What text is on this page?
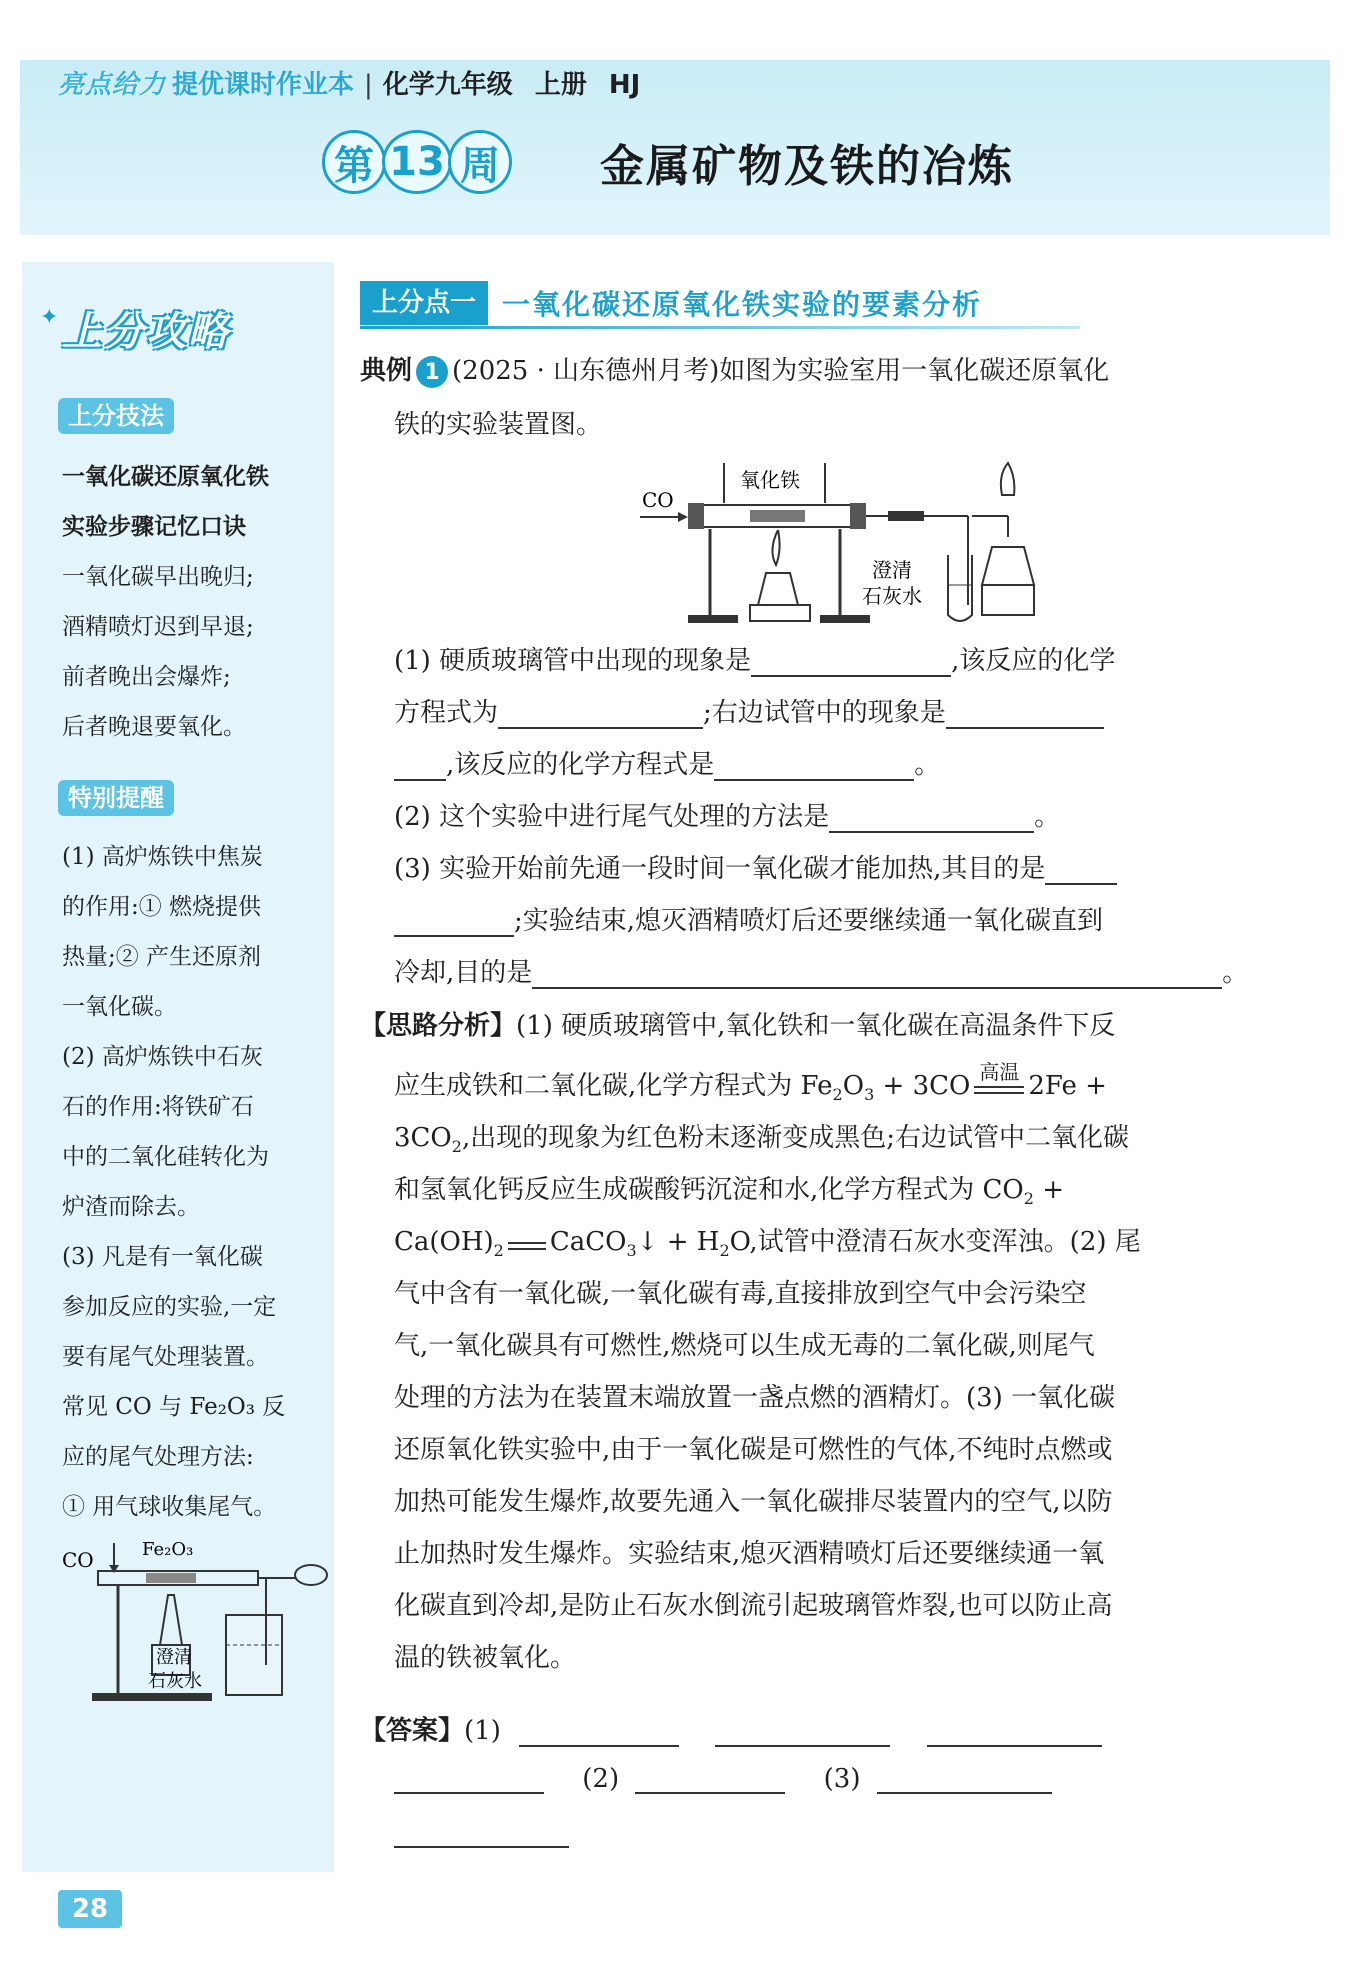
亮点给力 提优课时作业本 | 化学九年级 上册 HJ
第 13 周 金属矿物及铁的冶炼
✦ 上分攻略
上分技法

一氧化碳还原氧化铁

实验步骤记忆口诀

一氧化碳早出晚归;

酒精喷灯迟到早退;

前者晚出会爆炸;

后者晚退要氧化。

特别提醒

(1) 高炉炼铁中焦炭

的作用:① 燃烧提供

热量;② 产生还原剂

一氧化碳。

(2) 高炉炼铁中石灰

石的作用:将铁矿石

中的二氧化硅转化为

炉渣而除去。

(3) 凡是有一氧化碳

参加反应的实验,一定

要有尾气处理装置。

常见 CO 与 Fe₂O₃ 反

应的尾气处理方法:

① 用气球收集尾气。

CO	Fe₂O₃
澄清
石灰水
28
上分点一 一氧化碳还原氧化铁实验的要素分析
典例 1 (2025 · 山东德州月考)如图为实验室用一氧化碳还原氧化
铁的实验装置图。
CO
氧化铁
澄清
石灰水
(1) 硬质玻璃管中出现的现象是	,该反应的化学
方程式为	;右边试管中的现象是
,该反应的化学方程式是	。
(2) 这个实验中进行尾气处理的方法是	。
(3) 实验开始前先通一段时间一氧化碳才能加热,其目的是
;实验结束,熄灭酒精喷灯后还要继续通一氧化碳直到
冷却,目的是	。
【思路分析】(1) 硬质玻璃管中,氧化铁和一氧化碳在高温条件下反
应生成铁和二氧化碳,化学方程式为 $Fe_2O_3 + 3CO$ 高温 2Fe +
$3CO_2$,出现的现象为红色粉末逐渐变成黑色;右边试管中二氧化碳
和氢氧化钙反应生成碳酸钙沉淀和水,化学方程式为 $CO_2$ +
$Ca(OH)_2$ CaCO$_3$↓ + $H_2O$,试管中澄清石灰水变浑浊。(2) 尾
气中含有一氧化碳,一氧化碳有毒,直接排放到空气中会污染空
气,一氧化碳具有可燃性,燃烧可以生成无毒的二氧化碳,则尾气
处理的方法为在装置末端放置一盏点燃的酒精灯。(3) 一氧化碳
还原氧化铁实验中,由于一氧化碳是可燃性的气体,不纯时点燃或
加热可能发生爆炸,故要先通入一氧化碳排尽装置内的空气,以防
止加热时发生爆炸。实验结束,熄灭酒精喷灯后还要继续通一氧
化碳直到冷却,是防止石灰水倒流引起玻璃管炸裂,也可以防止高
温的铁被氧化。
【答案】(1)
(2)	(3)
